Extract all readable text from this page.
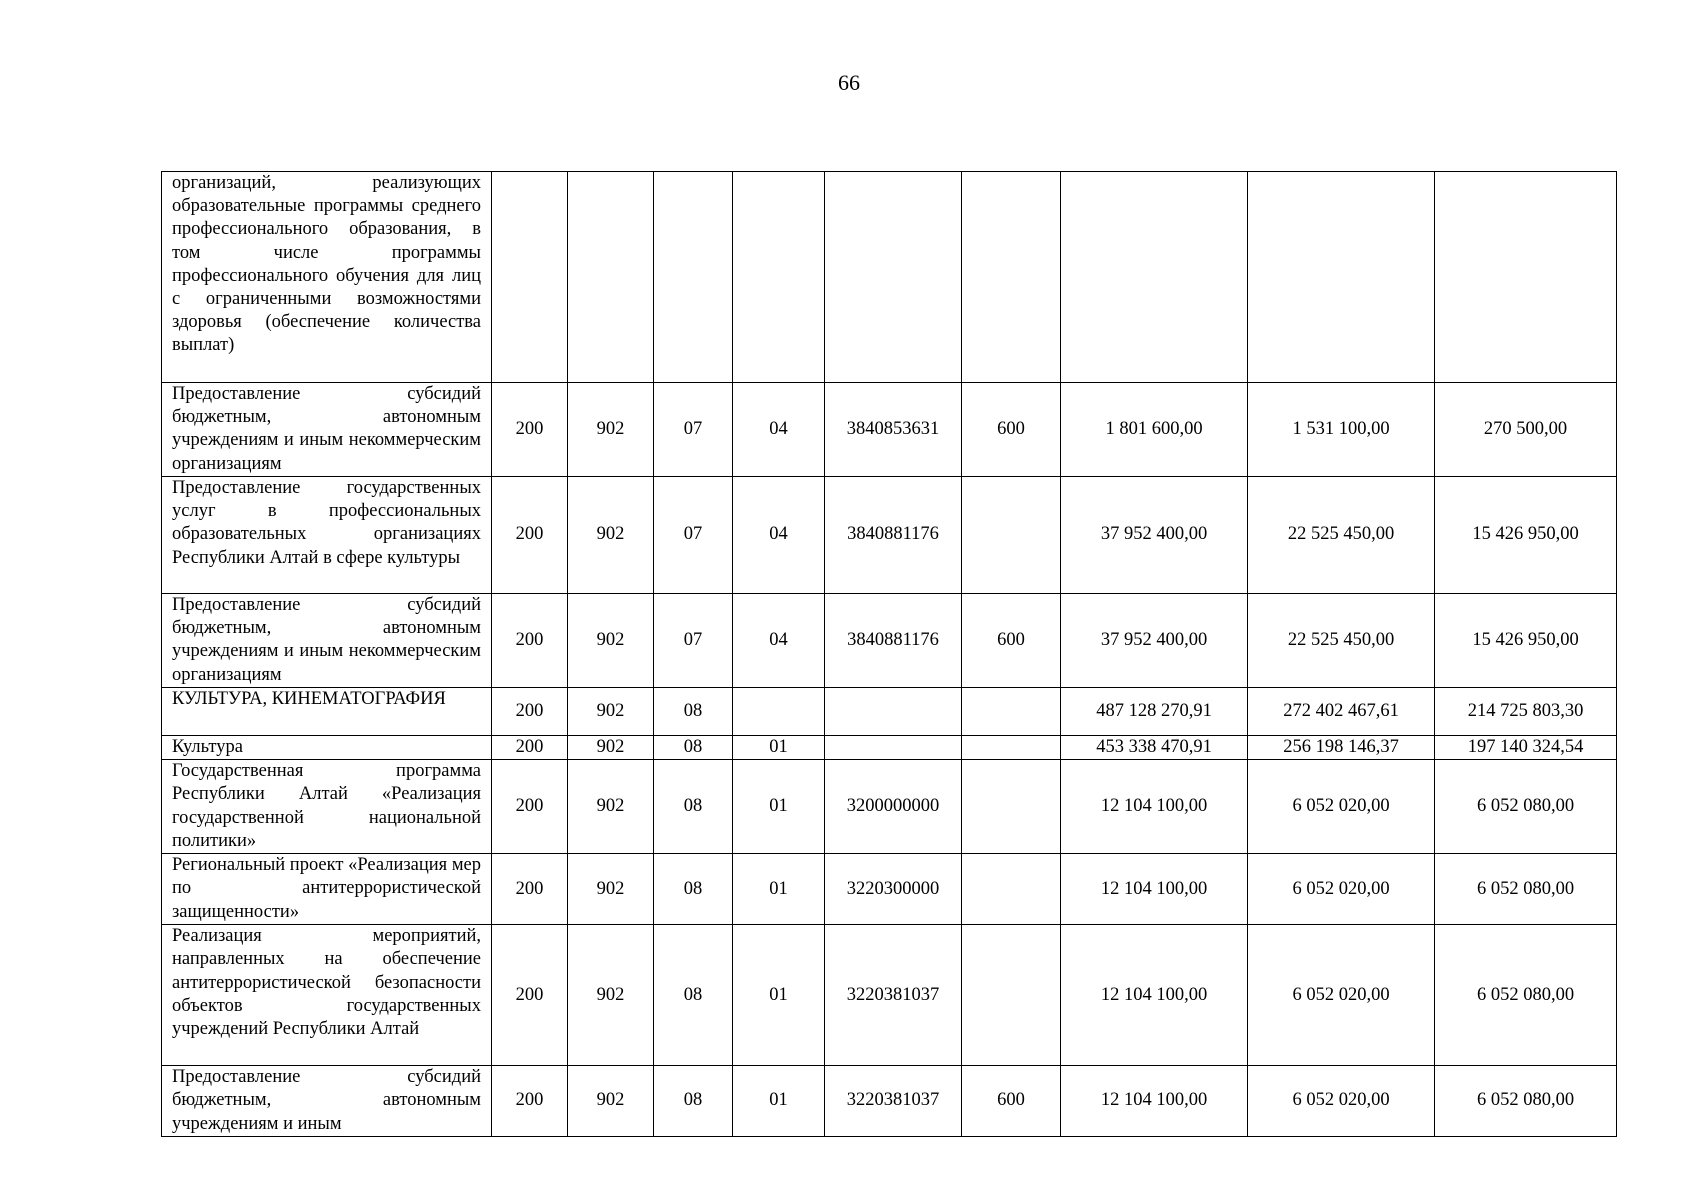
66
организаций, реализующих образовательные программы среднего профессионального образования, в том числе программы профессионального обучения для лиц с ограниченными возможностями здоровья (обеспечение количества выплат)									
Предоставление субсидий бюджетным, автономным учреждениям и иным некоммерческим организациям	200	902	07	04	3840853631	600	1 801 600,00	1 531 100,00	270 500,00
Предоставление государственных услуг в профессиональных образовательных организациях Республики Алтай в сфере культуры	200	902	07	04	3840881176		37 952 400,00	22 525 450,00	15 426 950,00
Предоставление субсидий бюджетным, автономным учреждениям и иным некоммерческим организациям	200	902	07	04	3840881176	600	37 952 400,00	22 525 450,00	15 426 950,00
КУЛЬТУРА, КИНЕМАТОГРАФИЯ	200	902	08				487 128 270,91	272 402 467,61	214 725 803,30
Культура	200	902	08	01			453 338 470,91	256 198 146,37	197 140 324,54
Государственная программа Республики Алтай «Реализация государственной национальной политики»	200	902	08	01	3200000000		12 104 100,00	6 052 020,00	6 052 080,00
Региональный проект «Реализация мер по антитеррористической защищенности»	200	902	08	01	3220300000		12 104 100,00	6 052 020,00	6 052 080,00
Реализация мероприятий, направленных на обеспечение антитеррористической безопасности объектов государственных учреждений Республики Алтай	200	902	08	01	3220381037		12 104 100,00	6 052 020,00	6 052 080,00
Предоставление субсидий бюджетным, автономным учреждениям и иным	200	902	08	01	3220381037	600	12 104 100,00	6 052 020,00	6 052 080,00
